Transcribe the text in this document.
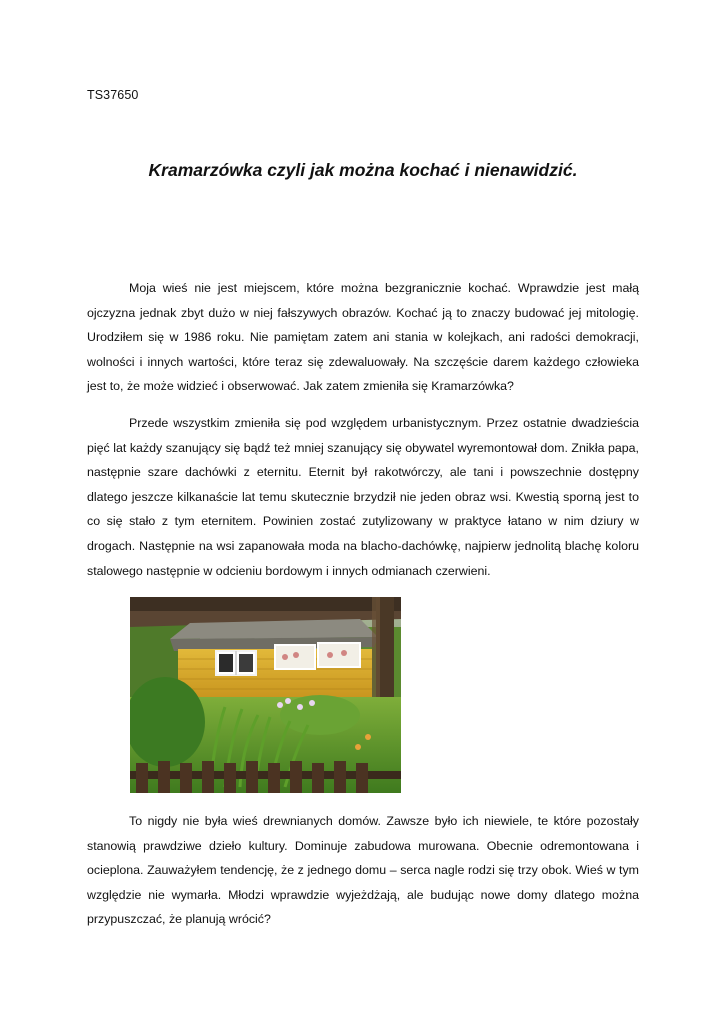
TS37650
Kramarzówka czyli jak można kochać i nienawidzić.

Moja wieś nie jest miejscem, które można bezgranicznie kochać. Wprawdzie jest małą ojczyzna jednak zbyt dużo w niej fałszywych obrazów. Kochać ją to znaczy budować jej mitologię. Urodziłem się w 1986 roku. Nie pamiętam zatem ani stania w kolejkach, ani radości demokracji, wolności i innych wartości, które teraz się zdewaluowały. Na szczęście darem każdego człowieka jest to, że może widzieć i obserwować. Jak zatem zmieniła się Kramarzówka?

Przede wszystkim zmieniła się pod względem urbanistycznym. Przez ostatnie dwadzieścia pięć lat każdy szanujący się bądź też mniej szanujący się obywatel wyremontował dom. Znikła papa, następnie szare dachówki z eternitu. Eternit był rakotwórczy, ale tani i powszechnie dostępny dlatego jeszcze kilkanaście lat temu skutecznie brzydził nie jeden obraz wsi. Kwestią sporną jest to co się stało z tym eternitem. Powinien zostać zutylizowany w praktyce łatano w nim dziury w drogach. Następnie na wsi zapanowała moda na blacho-dachówkę, najpierw jednolitą blachę koloru stalowego następnie w odcieniu bordowym i innych odmianach czerwieni.

To nigdy nie była wieś drewnianych domów. Zawsze było ich niewiele, te które pozostały stanowią prawdziwe dzieło kultury. Dominuje zabudowa murowana. Obecnie odremontowana i ocieplona. Zauważyłem tendencję, że z jednego domu – serca nagle rodzi się trzy obok. Wieś w tym względzie nie wymarła. Młodzi wprawdzie wyjeżdżają, ale budując nowe domy dlatego można przypuszczać, że planują wrócić?
